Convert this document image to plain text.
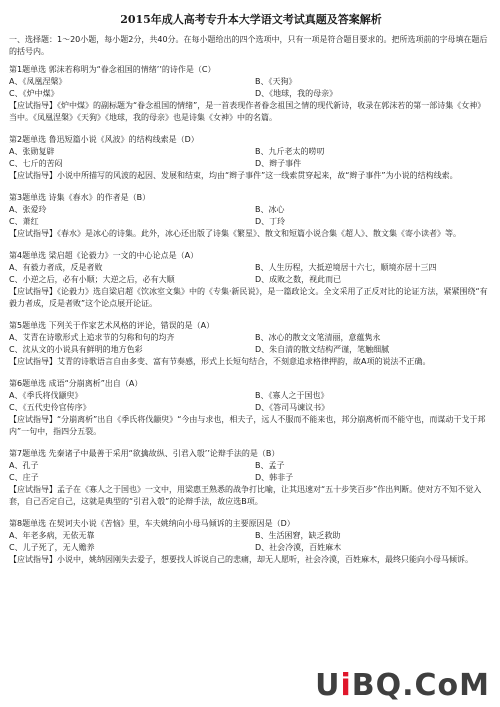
2015年成人高考专升本大学语文考试真题及答案解析
一、选择题：1～20小题，每小题2分，共40分。在每小题给出的四个选项中，只有一项是符合题目要求的。把所选项前的字母填在题后的括号内。
第1题单选 郭沫若称明为“眷念祖国的情绪’’的诗作是（C）
A、《凤凰涅槃》	B、《天狗》
C、《炉中煤》	D、《地球，我的母亲》
【应试指导】《炉中煤》的副标题为“眷念祖国的情绪”，是一首表现作者眷念祖国之情的现代新诗，收录在郭沫若的第一部诗集《女神》当中。《凤凰涅槃》《天狗》《地球，我的母亲》也是诗集《女神》中的名篇。
第2题单选 鲁迅短篇小说《风波》的结构线索是（D）
A、张勋复辟	B、九斤老太的唠叨
C、七斤的苦闷	D、辫子事件
【应试指导】小说中所描写的风波的起因、发展和结束，均由“辫子事件”这一线索贯穿起来，故“辫子事件”为小说的结构线索。
第3题单选 诗集《春水》的作者是（B）
A、张爱玲	B、冰心
C、萧红	D、丁玲
【应试指导】《春水》是冰心的诗集。此外，冰心还出版了诗集《繁星》、散文和短篇小说合集《超人》、散文集《寄小读者》等。
第4题单选 梁启超《论毅力》一文的中心论点是（A）
A、有毅力者成，反是者败	B、人生历程，大抵逆境居十六七，顺境亦居十三四
C、小逆之后，必有小顺；大逆之后，必有大顺	D、成败之数，视此而已
【应试指导】《论毅力》选自梁启超《饮冰室文集》中的《专集·新民说》，是一篇政论文。全文采用了正反对比的论证方法，紧紧围绕“有毅力者成，反是者败”这个论点展开论证。
第5题单选 下列关于作家艺术风格的评论，错误的是（A）
A、艾青在诗歌形式上追求节的匀称和句的均齐	B、冰心的散文文笔清丽，意蕴隽永
C、沈从文的小说具有鲜明的地方色彩	D、朱自清的散文结构严谨，笔触细腻
【应试指导】艾青的诗歌语言自由多变、富有节奏感，形式上长短句结合，不刻意追求格律押韵，故A项的说法不正确。
第6题单选 成语“分崩离析”出自（A）
A、《季氏将伐颛臾》	B、《寡人之于国也》
C、《五代史伶官传序》	D、《答司马谏议书》
【应试指导】“分崩离析”出自《季氏将伐颛臾》“今由与求也，相夫子，远人不服而不能来也，邦分崩离析而不能守也，而谋动干戈于邦内”一句中，指四分五裂。
第7题单选 先秦诸子中最善于采用“欲擒故纵、引君入彀’’论辩手法的是（B）
A、孔子	B、孟子
C、庄子	D、韩非子
【应试指导】孟子在《寡人之于国也》一文中，用梁惠王熟悉的战争打比喻，让其迅速对“五十步笑百步”作出判断。使对方不知不觉入套，自己否定自己，这就是典型的“引君入彀”的论辩手法，故应选B项。
第8题单选 在契诃夫小说《苦恼》里，车夫姚纳向小母马倾诉的主要原因是（D）
A、年老多病，无依无靠	B、生活困窘，缺乏救助
C、儿子死了，无人赡养	D、社会冷漠，百姓麻木
【应试指导】小说中，姚纳因刚失去爱子，想要找人诉说自己的悲痛，却无人愿听，社会冷漠，百姓麻木，最终只能向小母马倾诉。
UiBQ.CoM
